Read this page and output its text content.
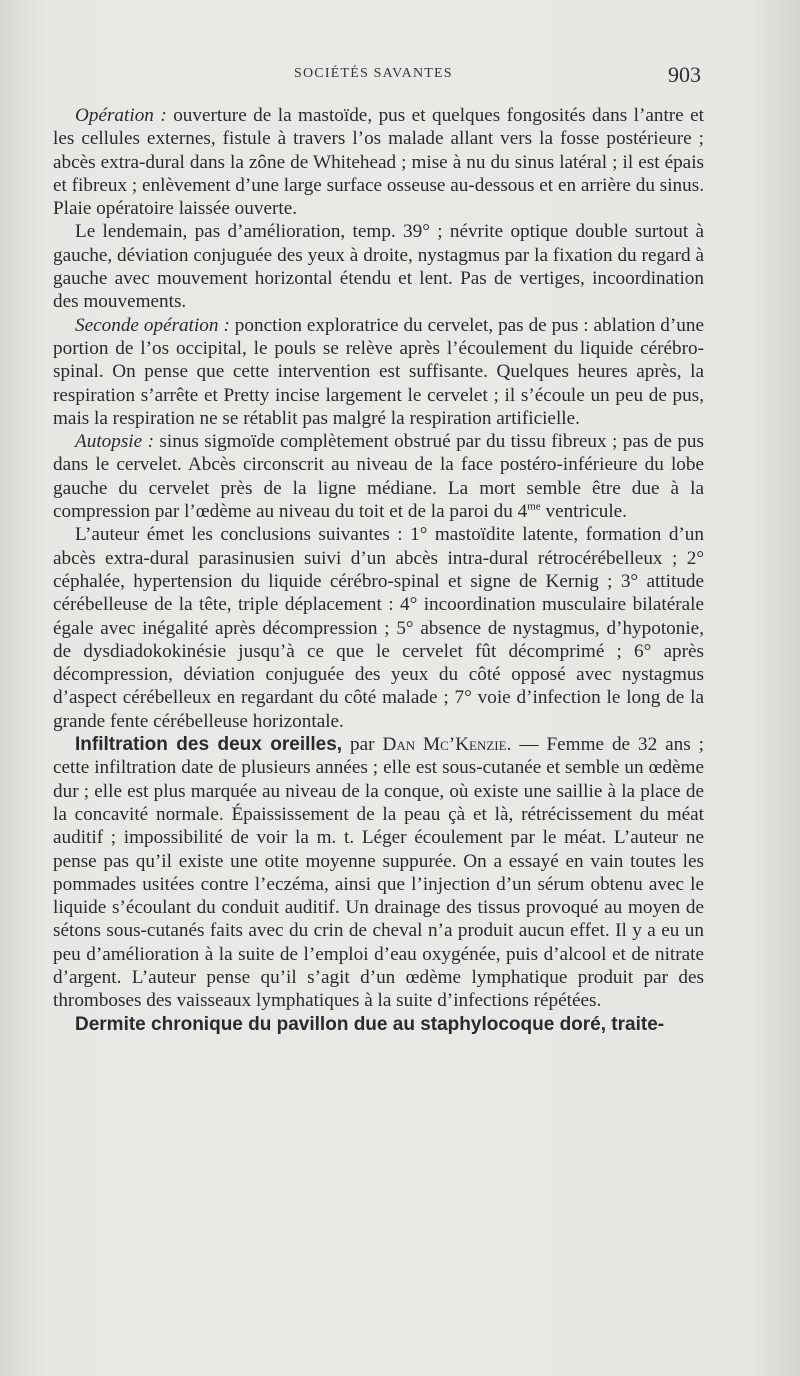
SOCIÉTÉS SAVANTES	903

Opération : ouverture de la mastoïde, pus et quelques fongosités dans l’antre et les cellules externes, fistule à travers l’os malade allant vers la fosse postérieure ; abcès extra-dural dans la zône de Whitehead ; mise à nu du sinus latéral ; il est épais et fibreux ; enlèvement d’une large surface osseuse au-dessous et en arrière du sinus. Plaie opératoire laissée ouverte.

Le lendemain, pas d’amélioration, temp. 39° ; névrite optique double surtout à gauche, déviation conjuguée des yeux à droite, nystagmus par la fixation du regard à gauche avec mouvement horizontal étendu et lent. Pas de vertiges, incoordination des mouvements.

Seconde opération : ponction exploratrice du cervelet, pas de pus : ablation d’une portion de l’os occipital, le pouls se relève après l’écoulement du liquide cérébro-spinal. On pense que cette intervention est suffisante. Quelques heures après, la respiration s’arrête et Pretty incise largement le cervelet ; il s’écoule un peu de pus, mais la respiration ne se rétablit pas malgré la respiration artificielle.

Autopsie : sinus sigmoïde complètement obstrué par du tissu fibreux ; pas de pus dans le cervelet. Abcès circonscrit au niveau de la face postéro-inférieure du lobe gauche du cervelet près de la ligne médiane. La mort semble être due à la compression par l’œdème au niveau du toit et de la paroi du $4^{me}$ ventricule.

L’auteur émet les conclusions suivantes : 1° mastoïdite latente, formation d’un abcès extra-dural parasinusien suivi d’un abcès intra-dural rétrocérébelleux ; 2° céphalée, hypertension du liquide cérébro-spinal et signe de Kernig ; 3° attitude cérébelleuse de la tête, triple déplacement : 4° incoordination musculaire bilatérale égale avec inégalité après décompression ; 5° absence de nystagmus, d’hypotonie, de dysdiadokokinésie jusqu’à ce que le cervelet fût décomprimé ; 6° après décompression, déviation conjuguée des yeux du côté opposé avec nystagmus d’aspect cérébelleux en regardant du côté malade ; 7° voie d’infection le long de la grande fente cérébelleuse horizontale.

Infiltration des deux oreilles, par Dan Mc’Kenzie. — Femme de 32 ans ; cette infiltration date de plusieurs années ; elle est sous-cutanée et semble un œdème dur ; elle est plus marquée au niveau de la conque, où existe une saillie à la place de la concavité normale. Épaississement de la peau çà et là, rétrécissement du méat auditif ; impossibilité de voir la m. t. Léger écoulement par le méat. L’auteur ne pense pas qu’il existe une otite moyenne suppurée. On a essayé en vain toutes les pommades usitées contre l’eczéma, ainsi que l’injection d’un sérum obtenu avec le liquide s’écoulant du conduit auditif. Un drainage des tissus provoqué au moyen de sétons sous-cutanés faits avec du crin de cheval n’a produit aucun effet. Il y a eu un peu d’amélioration à la suite de l’emploi d’eau oxygénée, puis d’alcool et de nitrate d’argent. L’auteur pense qu’il s’agit d’un œdème lymphatique produit par des thromboses des vaisseaux lymphatiques à la suite d’infections répétées.

Dermite chronique du pavillon due au staphylocoque doré, traite-
